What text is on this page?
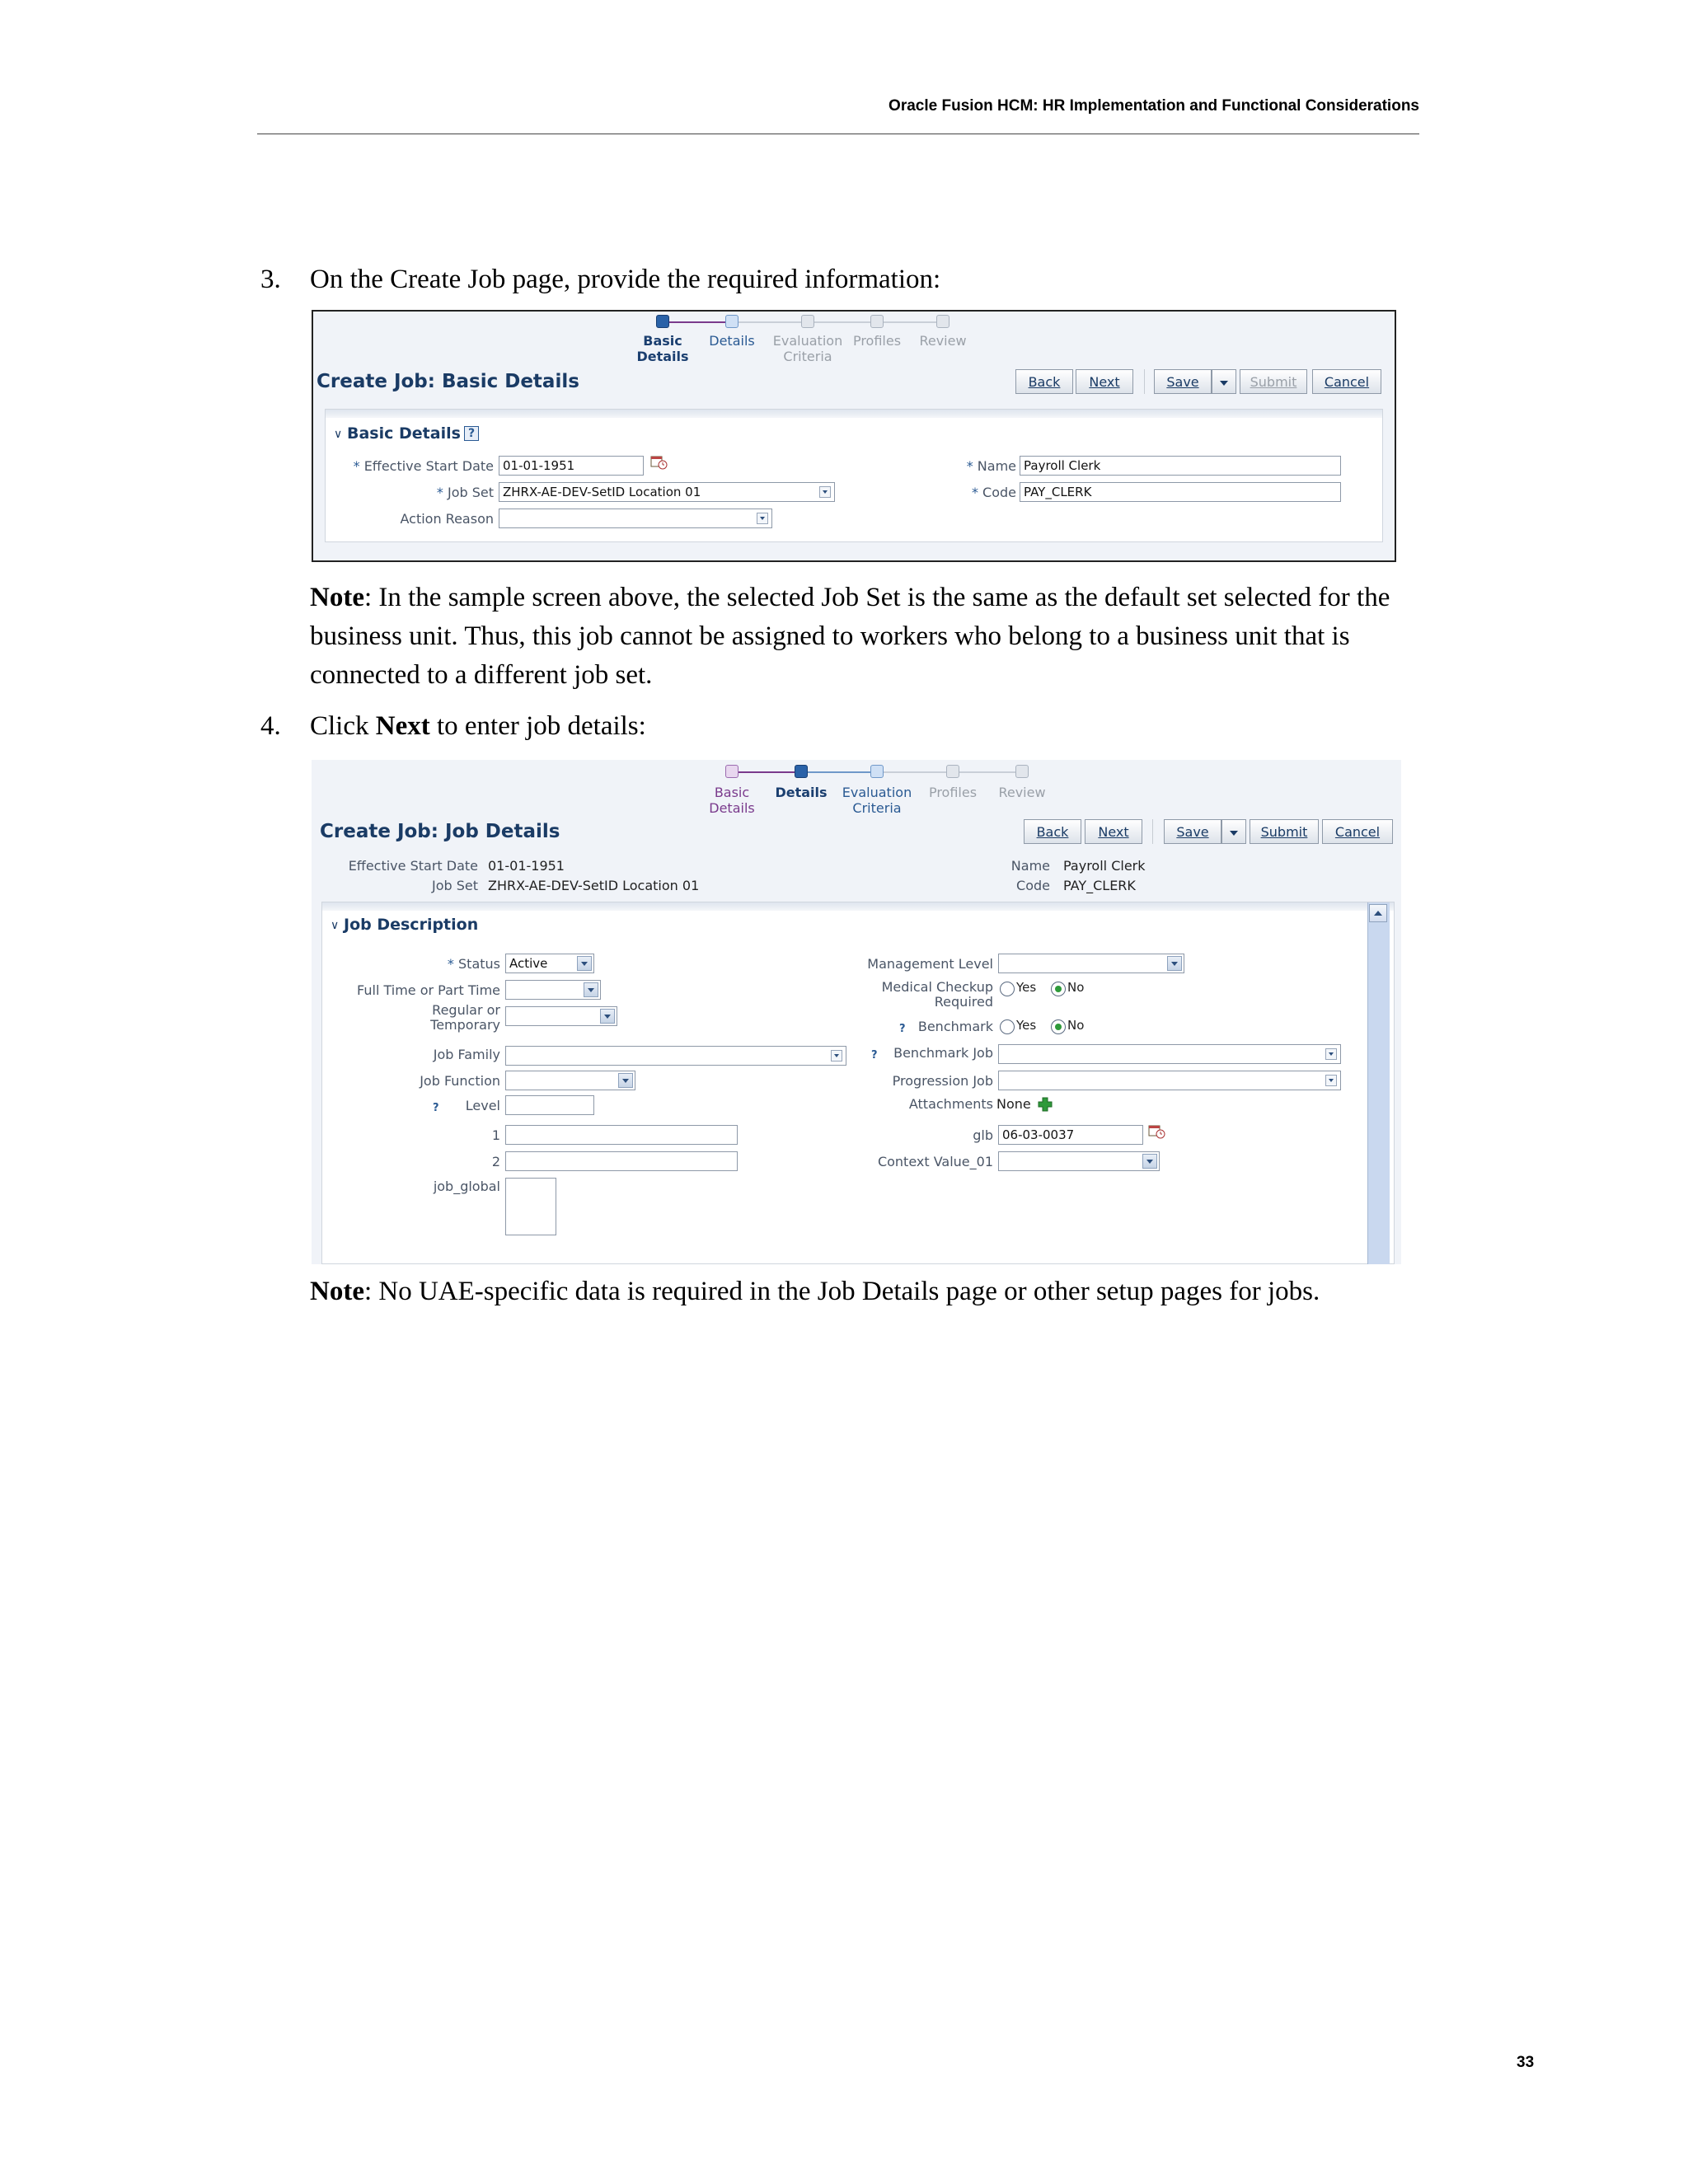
Oracle Fusion HCM: HR Implementation and Functional Considerations
3.	On the Create Job page, provide the required information:
Basic
Details
Details	Evaluation
Criteria
Profiles	Review
Create Job: Basic Details	Back	Next	Save	Submit	Cancel
∨ Basic Details ?
* Effective Start Date 01-01-1951
* Job Set ZHRX-AE-DEV-SetID Location 01
Action Reason
* Name Payroll Clerk
* Code PAY_CLERK
Note: In the sample screen above, the selected Job Set is the same as the default set selected for the business unit. Thus, this job cannot be assigned to workers who belong to a business unit that is connected to a different job set.
4.	Click Next to enter job details:
Basic
Details
Details	Evaluation
Criteria
Profiles	Review
Create Job: Job Details	Back	Next	Save	Submit	Cancel
Effective Start Date 01-01-1951
Job Set ZHRX-AE-DEV-SetID Location 01
Name Payroll Clerk
Code PAY_CLERK
∨ Job Description
* Status Active
Full Time or Part Time
Regular or
Temporary
Job Family
Job Function
?	Level
1
2
job_global
Management Level
Medical Checkup
Required
Yes	No
? Benchmark Yes	No
?	Benchmark Job
Progression Job
Attachments None
glb 06-03-0037
Context Value_01
Note: No UAE-specific data is required in the Job Details page or other setup pages for jobs.
33
